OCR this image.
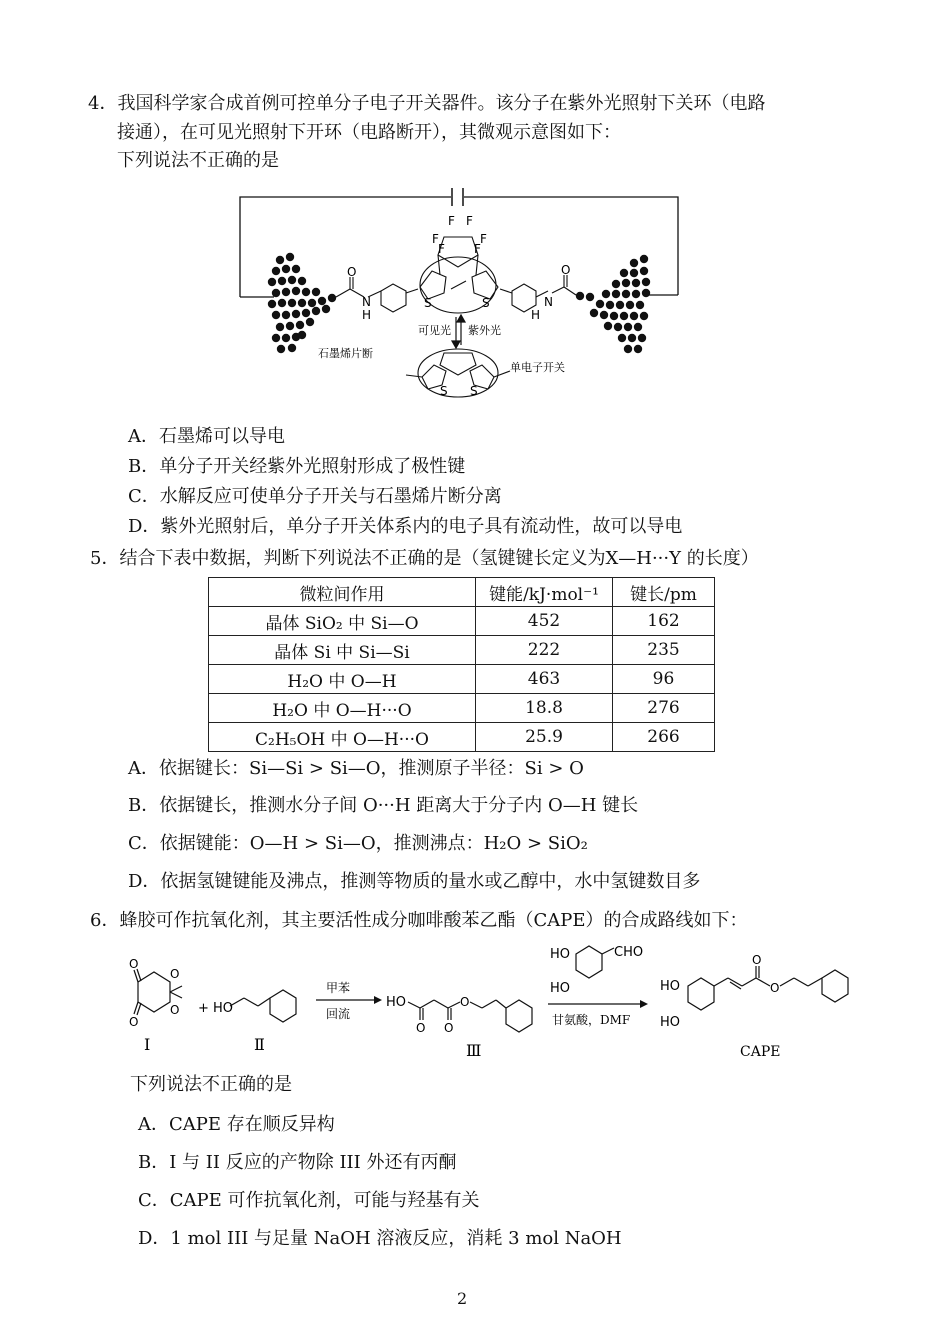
4．我国科学家合成首例可控单分子电子开关器件。该分子在紫外光照射下关环（电路
接通），在可见光照射下开环（电路断开），其微观示意图如下：
下列说法不正确的是
O
N
H
O
N
H
F F
F	F
F F
S	S
可见光 紫外光
S S
石墨烯片断
单电子开关
A．石墨烯可以导电
B．单分子开关经紫外光照射形成了极性键
C．水解反应可使单分子开关与石墨烯片断分离
D．紫外光照射后，单分子开关体系内的电子具有流动性，故可以导电
5．结合下表中数据，判断下列说法不正确的是（氢键键长定义为X—H···Y 的长度）
微粒间作用	键能/kJ·mol⁻¹	键长/pm
晶体 SiO₂ 中 Si—O	452	162
晶体 Si 中 Si—Si	222	235
H₂O 中 O—H	463	96
H₂O 中 O—H···O	18.8	276
C₂H₅OH 中 O—H···O	25.9	266
A．依据键长：Si—Si > Si—O，推测原子半径：Si > O
B．依据键长，推测水分子间 O···H 距离大于分子内 O—H 键长
C．依据键能：O—H > Si—O，推测沸点：H₂O > SiO₂
D．依据氢键键能及沸点，推测等物质的量水或乙醇中，水中氢键数目多
6．蜂胶可作抗氧化剂，其主要活性成分咖啡酸苯乙酯（CAPE）的合成路线如下：
O
O
O
O
Ⅰ
+ HO
Ⅱ
甲苯
回流
HO
O O
O
Ⅲ
HO
HO
CHO
甘氨酸，DMF
HO
HO
O
O
CAPE
下列说法不正确的是
A．CAPE 存在顺反异构
B．I 与 II 反应的产物除 III 外还有丙酮
C．CAPE 可作抗氧化剂，可能与羟基有关
D．1 mol III 与足量 NaOH 溶液反应，消耗 3 mol NaOH
2
